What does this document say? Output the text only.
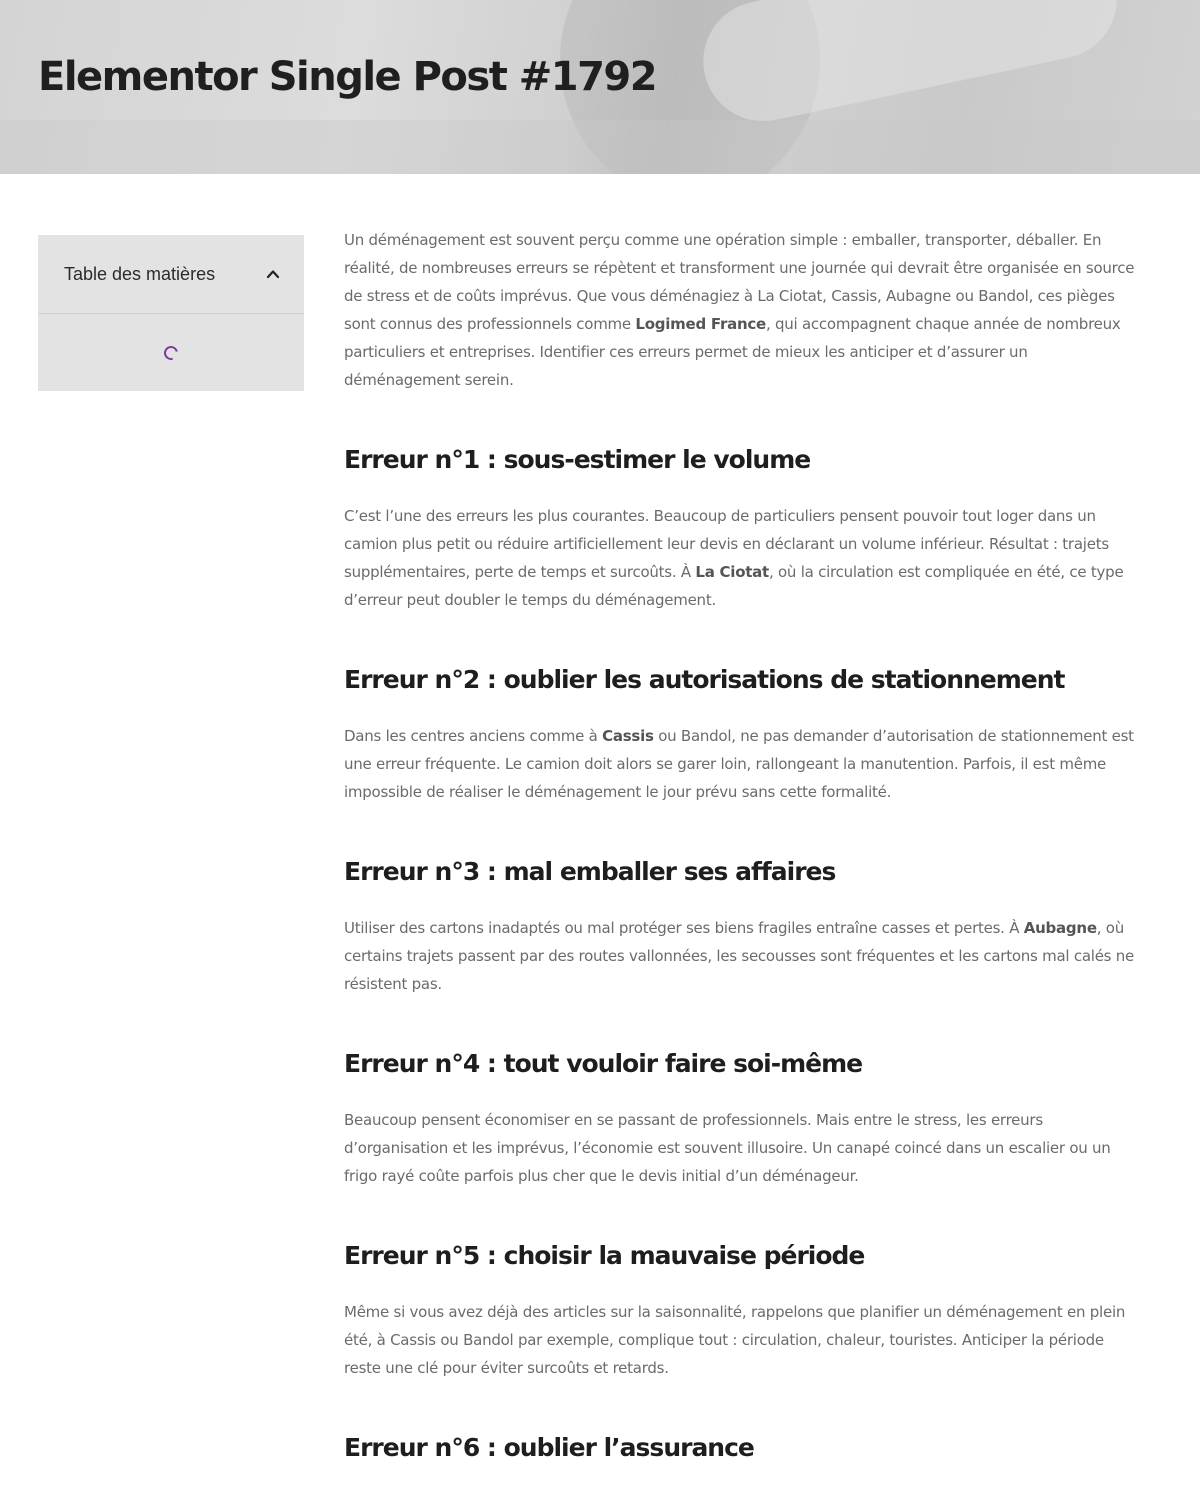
Elementor Single Post #1792
Table des matières

Un déménagement est souvent perçu comme une opération simple : emballer, transporter, déballer. En réalité, de nombreuses erreurs se répètent et transforment une journée qui devrait être organisée en source de stress et de coûts imprévus. Que vous déménagiez à La Ciotat, Cassis, Aubagne ou Bandol, ces pièges sont connus des professionnels comme Logimed France, qui accompagnent chaque année de nombreux particuliers et entreprises. Identifier ces erreurs permet de mieux les anticiper et d’assurer un déménagement serein.

Erreur n°1 : sous-estimer le volume

C’est l’une des erreurs les plus courantes. Beaucoup de particuliers pensent pouvoir tout loger dans un camion plus petit ou réduire artificiellement leur devis en déclarant un volume inférieur. Résultat : trajets supplémentaires, perte de temps et surcoûts. À La Ciotat, où la circulation est compliquée en été, ce type d’erreur peut doubler le temps du déménagement.

Erreur n°2 : oublier les autorisations de stationnement

Dans les centres anciens comme à Cassis ou Bandol, ne pas demander d’autorisation de stationnement est une erreur fréquente. Le camion doit alors se garer loin, rallongeant la manutention. Parfois, il est même impossible de réaliser le déménagement le jour prévu sans cette formalité.

Erreur n°3 : mal emballer ses affaires

Utiliser des cartons inadaptés ou mal protéger ses biens fragiles entraîne casses et pertes. À Aubagne, où certains trajets passent par des routes vallonnées, les secousses sont fréquentes et les cartons mal calés ne résistent pas.

Erreur n°4 : tout vouloir faire soi-même

Beaucoup pensent économiser en se passant de professionnels. Mais entre le stress, les erreurs d’organisation et les imprévus, l’économie est souvent illusoire. Un canapé coincé dans un escalier ou un frigo rayé coûte parfois plus cher que le devis initial d’un déménageur.

Erreur n°5 : choisir la mauvaise période

Même si vous avez déjà des articles sur la saisonnalité, rappelons que planifier un déménagement en plein été, à Cassis ou Bandol par exemple, complique tout : circulation, chaleur, touristes. Anticiper la période reste une clé pour éviter surcoûts et retards.

Erreur n°6 : oublier l’assurance
